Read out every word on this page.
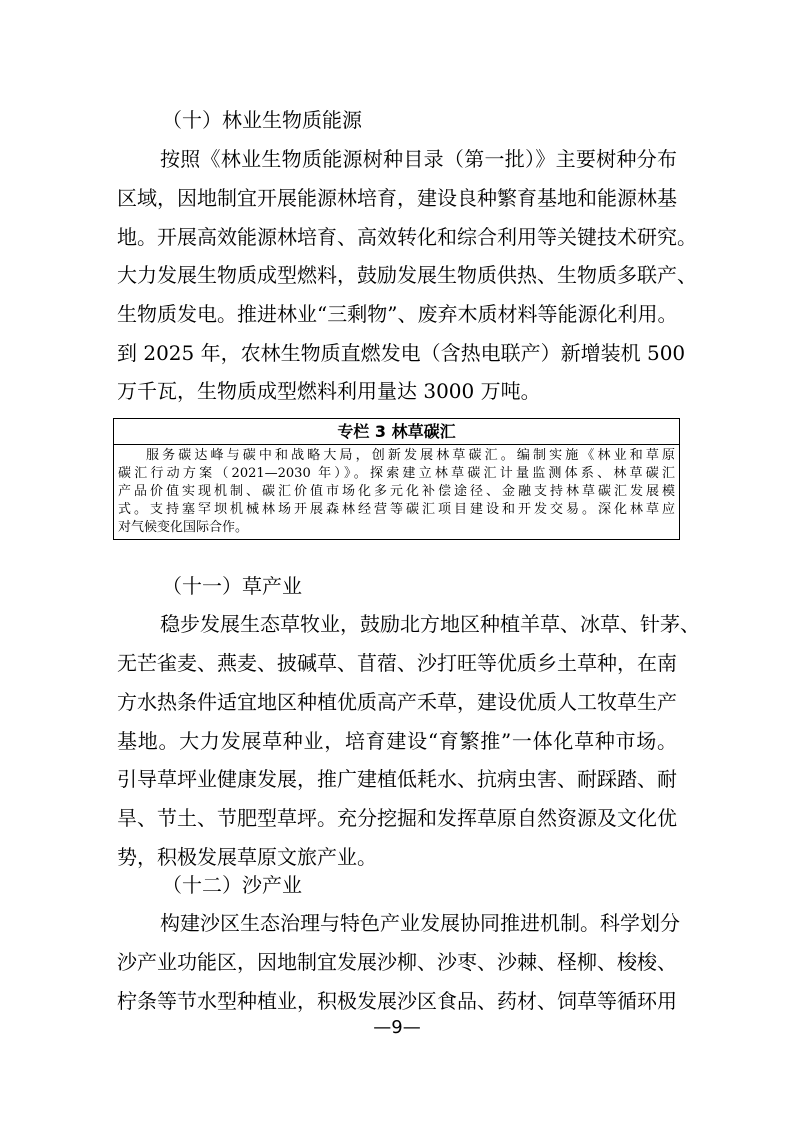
（十）林业生物质能源
按照《林业生物质能源树种目录（第一批）》主要树种分布
区域，因地制宜开展能源林培育，建设良种繁育基地和能源林基
地。开展高效能源林培育、高效转化和综合利用等关键技术研究。
大力发展生物质成型燃料，鼓励发展生物质供热、生物质多联产、
生物质发电。推进林业“三剩物”、废弃木质材料等能源化利用。
到 2025 年，农林生物质直燃发电（含热电联产）新增装机 500
万千瓦，生物质成型燃料利用量达 3000 万吨。
专栏 3 林草碳汇
服务碳达峰与碳中和战略大局，创新发展林草碳汇。编制实施《林业和草原
碳汇行动方案（2021—2030 年）》。探索建立林草碳汇计量监测体系、林草碳汇
产品价值实现机制、碳汇价值市场化多元化补偿途径、金融支持林草碳汇发展模
式。支持塞罕坝机械林场开展森林经营等碳汇项目建设和开发交易。深化林草应
对气候变化国际合作。
（十一）草产业
稳步发展生态草牧业，鼓励北方地区种植羊草、冰草、针茅、
无芒雀麦、燕麦、披碱草、苜蓿、沙打旺等优质乡土草种，在南
方水热条件适宜地区种植优质高产禾草，建设优质人工牧草生产
基地。大力发展草种业，培育建设“育繁推”一体化草种市场。
引导草坪业健康发展，推广建植低耗水、抗病虫害、耐踩踏、耐
旱、节土、节肥型草坪。充分挖掘和发挥草原自然资源及文化优
势，积极发展草原文旅产业。
（十二）沙产业
构建沙区生态治理与特色产业发展协同推进机制。科学划分
沙产业功能区，因地制宜发展沙柳、沙枣、沙棘、柽柳、梭梭、
柠条等节水型种植业，积极发展沙区食品、药材、饲草等循环用
—9—
